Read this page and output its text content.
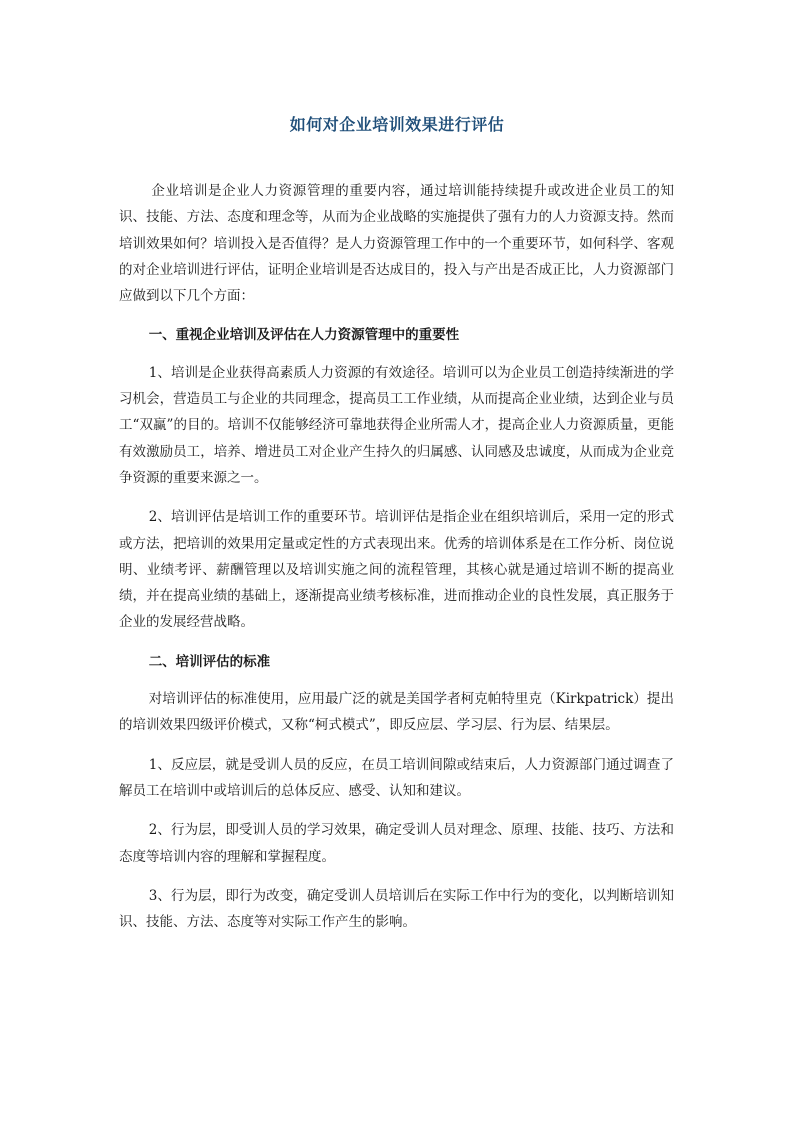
如何对企业培训效果进行评估

企业培训是企业人力资源管理的重要内容，通过培训能持续提升或改进企业员工的知识、技能、方法、态度和理念等，从而为企业战略的实施提供了强有力的人力资源支持。然而培训效果如何？培训投入是否值得？是人力资源管理工作中的一个重要环节，如何科学、客观的对企业培训进行评估，证明企业培训是否达成目的，投入与产出是否成正比，人力资源部门应做到以下几个方面：

一、重视企业培训及评估在人力资源管理中的重要性

1、培训是企业获得高素质人力资源的有效途径。培训可以为企业员工创造持续渐进的学习机会，营造员工与企业的共同理念，提高员工工作业绩，从而提高企业业绩，达到企业与员工“双赢”的目的。培训不仅能够经济可靠地获得企业所需人才，提高企业人力资源质量，更能有效激励员工，培养、增进员工对企业产生持久的归属感、认同感及忠诚度，从而成为企业竞争资源的重要来源之一。

2、培训评估是培训工作的重要环节。培训评估是指企业在组织培训后，采用一定的形式或方法，把培训的效果用定量或定性的方式表现出来。优秀的培训体系是在工作分析、岗位说明、业绩考评、薪酬管理以及培训实施之间的流程管理，其核心就是通过培训不断的提高业绩，并在提高业绩的基础上，逐渐提高业绩考核标准，进而推动企业的良性发展，真正服务于企业的发展经营战略。

二、培训评估的标准

对培训评估的标准使用，应用最广泛的就是美国学者柯克帕特里克（Kirkpatrick）提出的培训效果四级评价模式，又称“柯式模式”，即反应层、学习层、行为层、结果层。

1、反应层，就是受训人员的反应，在员工培训间隙或结束后，人力资源部门通过调查了解员工在培训中或培训后的总体反应、感受、认知和建议。

2、行为层，即受训人员的学习效果，确定受训人员对理念、原理、技能、技巧、方法和态度等培训内容的理解和掌握程度。

3、行为层，即行为改变，确定受训人员培训后在实际工作中行为的变化，以判断培训知识、技能、方法、态度等对实际工作产生的影响。
